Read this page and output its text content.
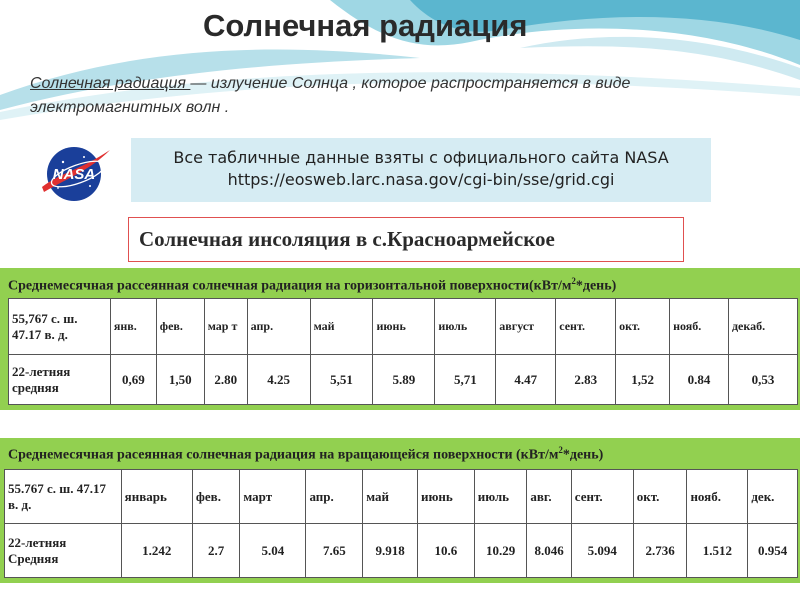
Солнечная радиация
Солнечная радиация — излучение Солнца , которое распространяется в виде электромагнитных волн .
NASA
Все табличные данные взяты с официального сайта NASA
https://eosweb.larc.nasa.gov/cgi-bin/sse/grid.cgi
Солнечная инсоляция в с.Красноармейское
Среднемесячная рассеянная солнечная радиация на горизонтальной $поверхности(кВт/м^2*день)$
55,767 с. ш. 47.17 в. д.	янв.	фев.	мар т	апр.	май	июнь	июль	август	сент.	окт.	нояб.	декаб.
22-летняя средняя	0,69	1,50	2.80	4.25	5,51	5.89	5,71	4.47	2.83	1,52	0.84	0,53
Среднемесячная расеянная солнечная радиация на вращающейся поверхности $(кВт/м^2*день)$
55.767 с. ш. 47.17 в. д.	январь	фев.	март	апр.	май	июнь	июль	авг.	сент.	окт.	нояб.	дек.
22-летняя Средняя	1.242	2.7	5.04	7.65	9.918	10.6	10.29	8.046	5.094	2.736	1.512	0.954
